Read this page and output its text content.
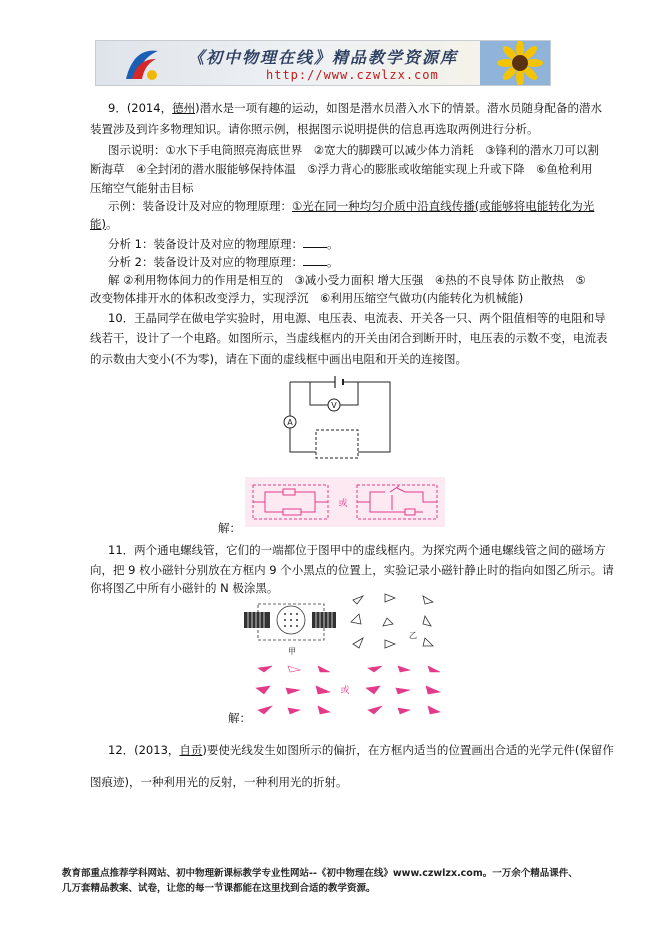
《初中物理在线》精品教学资源库
http://www.czwlzx.com
9．(2014，德州)潜水是一项有趣的运动，如图是潜水员潜入水下的情景。潜水员随身配备的潜水
装置涉及到许多物理知识。请你照示例，根据图示说明提供的信息再选取两例进行分析。
图示说明：①水下手电筒照亮海底世界　②宽大的脚蹼可以减少体力消耗　③锋利的潜水刀可以割
断海草　④全封闭的潜水服能够保持体温　⑤浮力背心的膨胀或收缩能实现上升或下降　⑥鱼枪利用
压缩空气能射击目标
示例：装备设计及对应的物理原理：①光在同一种均匀介质中沿直线传播(或能够将电能转化为光
能)。
分析 1：装备设计及对应的物理原理： 。
分析 2：装备设计及对应的物理原理： 。
解 ②利用物体间力的作用是相互的　③减小受力面积 增大压强　④热的不良导体 防止散热　⑤
改变物体排开水的体积改变浮力，实现浮沉　⑥利用压缩空气做功(内能转化为机械能)
10．王晶同学在做电学实验时，用电源、电压表、电流表、开关各一只、两个阻值相等的电阻和导
线若干，设计了一个电路。如图所示，当虚线框内的开关由闭合到断开时，电压表的示数不变，电流表
的示数由大变小(不为零)，请在下面的虚线框中画出电阻和开关的连接图。
V
A
或
解：
11．两个通电螺线管，它们的一端都位于图甲中的虚线框内。为探究两个通电螺线管之间的磁场方
向，把 9 枚小磁针分别放在方框内 9 个小黑点的位置上，实验记录小磁针静止时的指向如图乙所示。请
你将图乙中所有小磁针的 N 极涂黑。
甲
乙
或
解：
12．(2013，自贡)要使光线发生如图所示的偏折，在方框内适当的位置画出合适的光学元件(保留作
图痕迹)，一种利用光的反射，一种利用光的折射。
教育部重点推荐学科网站、初中物理新课标教学专业性网站--《初中物理在线》www.czwlzx.com。一万余个精品课件、
几万套精品教案、试卷，让您的每一节课都能在这里找到合适的教学资源。
